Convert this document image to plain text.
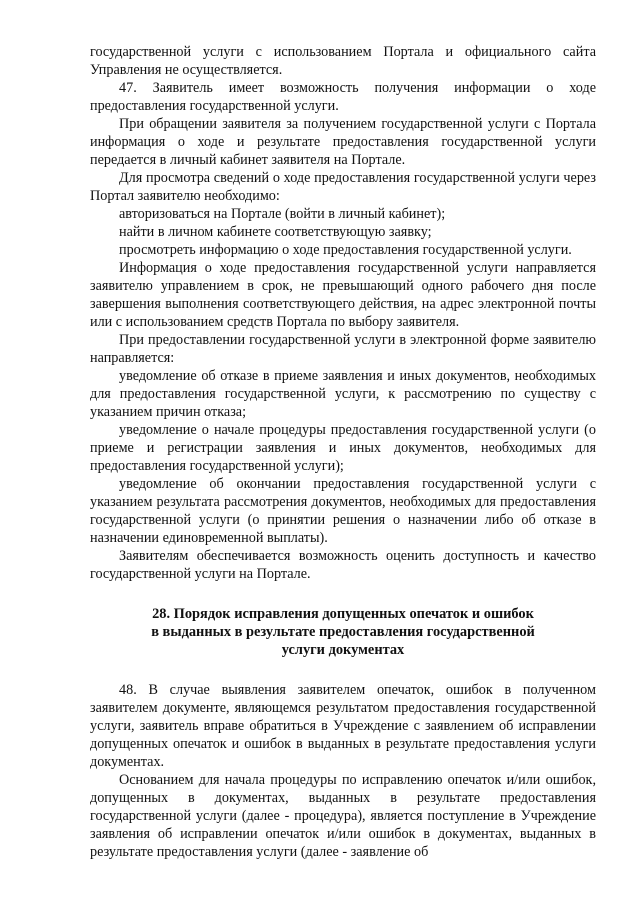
государственной услуги с использованием Портала и официального сайта Управления не осуществляется.

47. Заявитель имеет возможность получения информации о ходе предоставления государственной услуги.

При обращении заявителя за получением государственной услуги с Портала информация о ходе и результате предоставления государственной услуги передается в личный кабинет заявителя на Портале.

Для просмотра сведений о ходе предоставления государственной услуги через Портал заявителю необходимо:

авторизоваться на Портале (войти в личный кабинет);

найти в личном кабинете соответствующую заявку;

просмотреть информацию о ходе предоставления государственной услуги.

Информация о ходе предоставления государственной услуги направляется заявителю управлением в срок, не превышающий одного рабочего дня после завершения выполнения соответствующего действия, на адрес электронной почты или с использованием средств Портала по выбору заявителя.

При предоставлении государственной услуги в электронной форме заявителю направляется:

уведомление об отказе в приеме заявления и иных документов, необходимых для предоставления государственной услуги, к рассмотрению по существу с указанием причин отказа;

уведомление о начале процедуры предоставления государственной услуги (о приеме и регистрации заявления и иных документов, необходимых для предоставления государственной услуги);

уведомление об окончании предоставления государственной услуги с указанием результата рассмотрения документов, необходимых для предоставления государственной услуги (о принятии решения о назначении либо об отказе в назначении единовременной выплаты).

Заявителям обеспечивается возможность оценить доступность и качество государственной услуги на Портале.

28. Порядок исправления допущенных опечаток и ошибок
в выданных в результате предоставления государственной
услуги документах

48. В случае выявления заявителем опечаток, ошибок в полученном заявителем документе, являющемся результатом предоставления государственной услуги, заявитель вправе обратиться в Учреждение с заявлением об исправлении допущенных опечаток и ошибок в выданных в результате предоставления услуги документах.

Основанием для начала процедуры по исправлению опечаток и/или ошибок, допущенных в документах, выданных в результате предоставления государственной услуги (далее - процедура), является поступление в Учреждение заявления об исправлении опечаток и/или ошибок в документах, выданных в результате предоставления услуги (далее - заявление об
